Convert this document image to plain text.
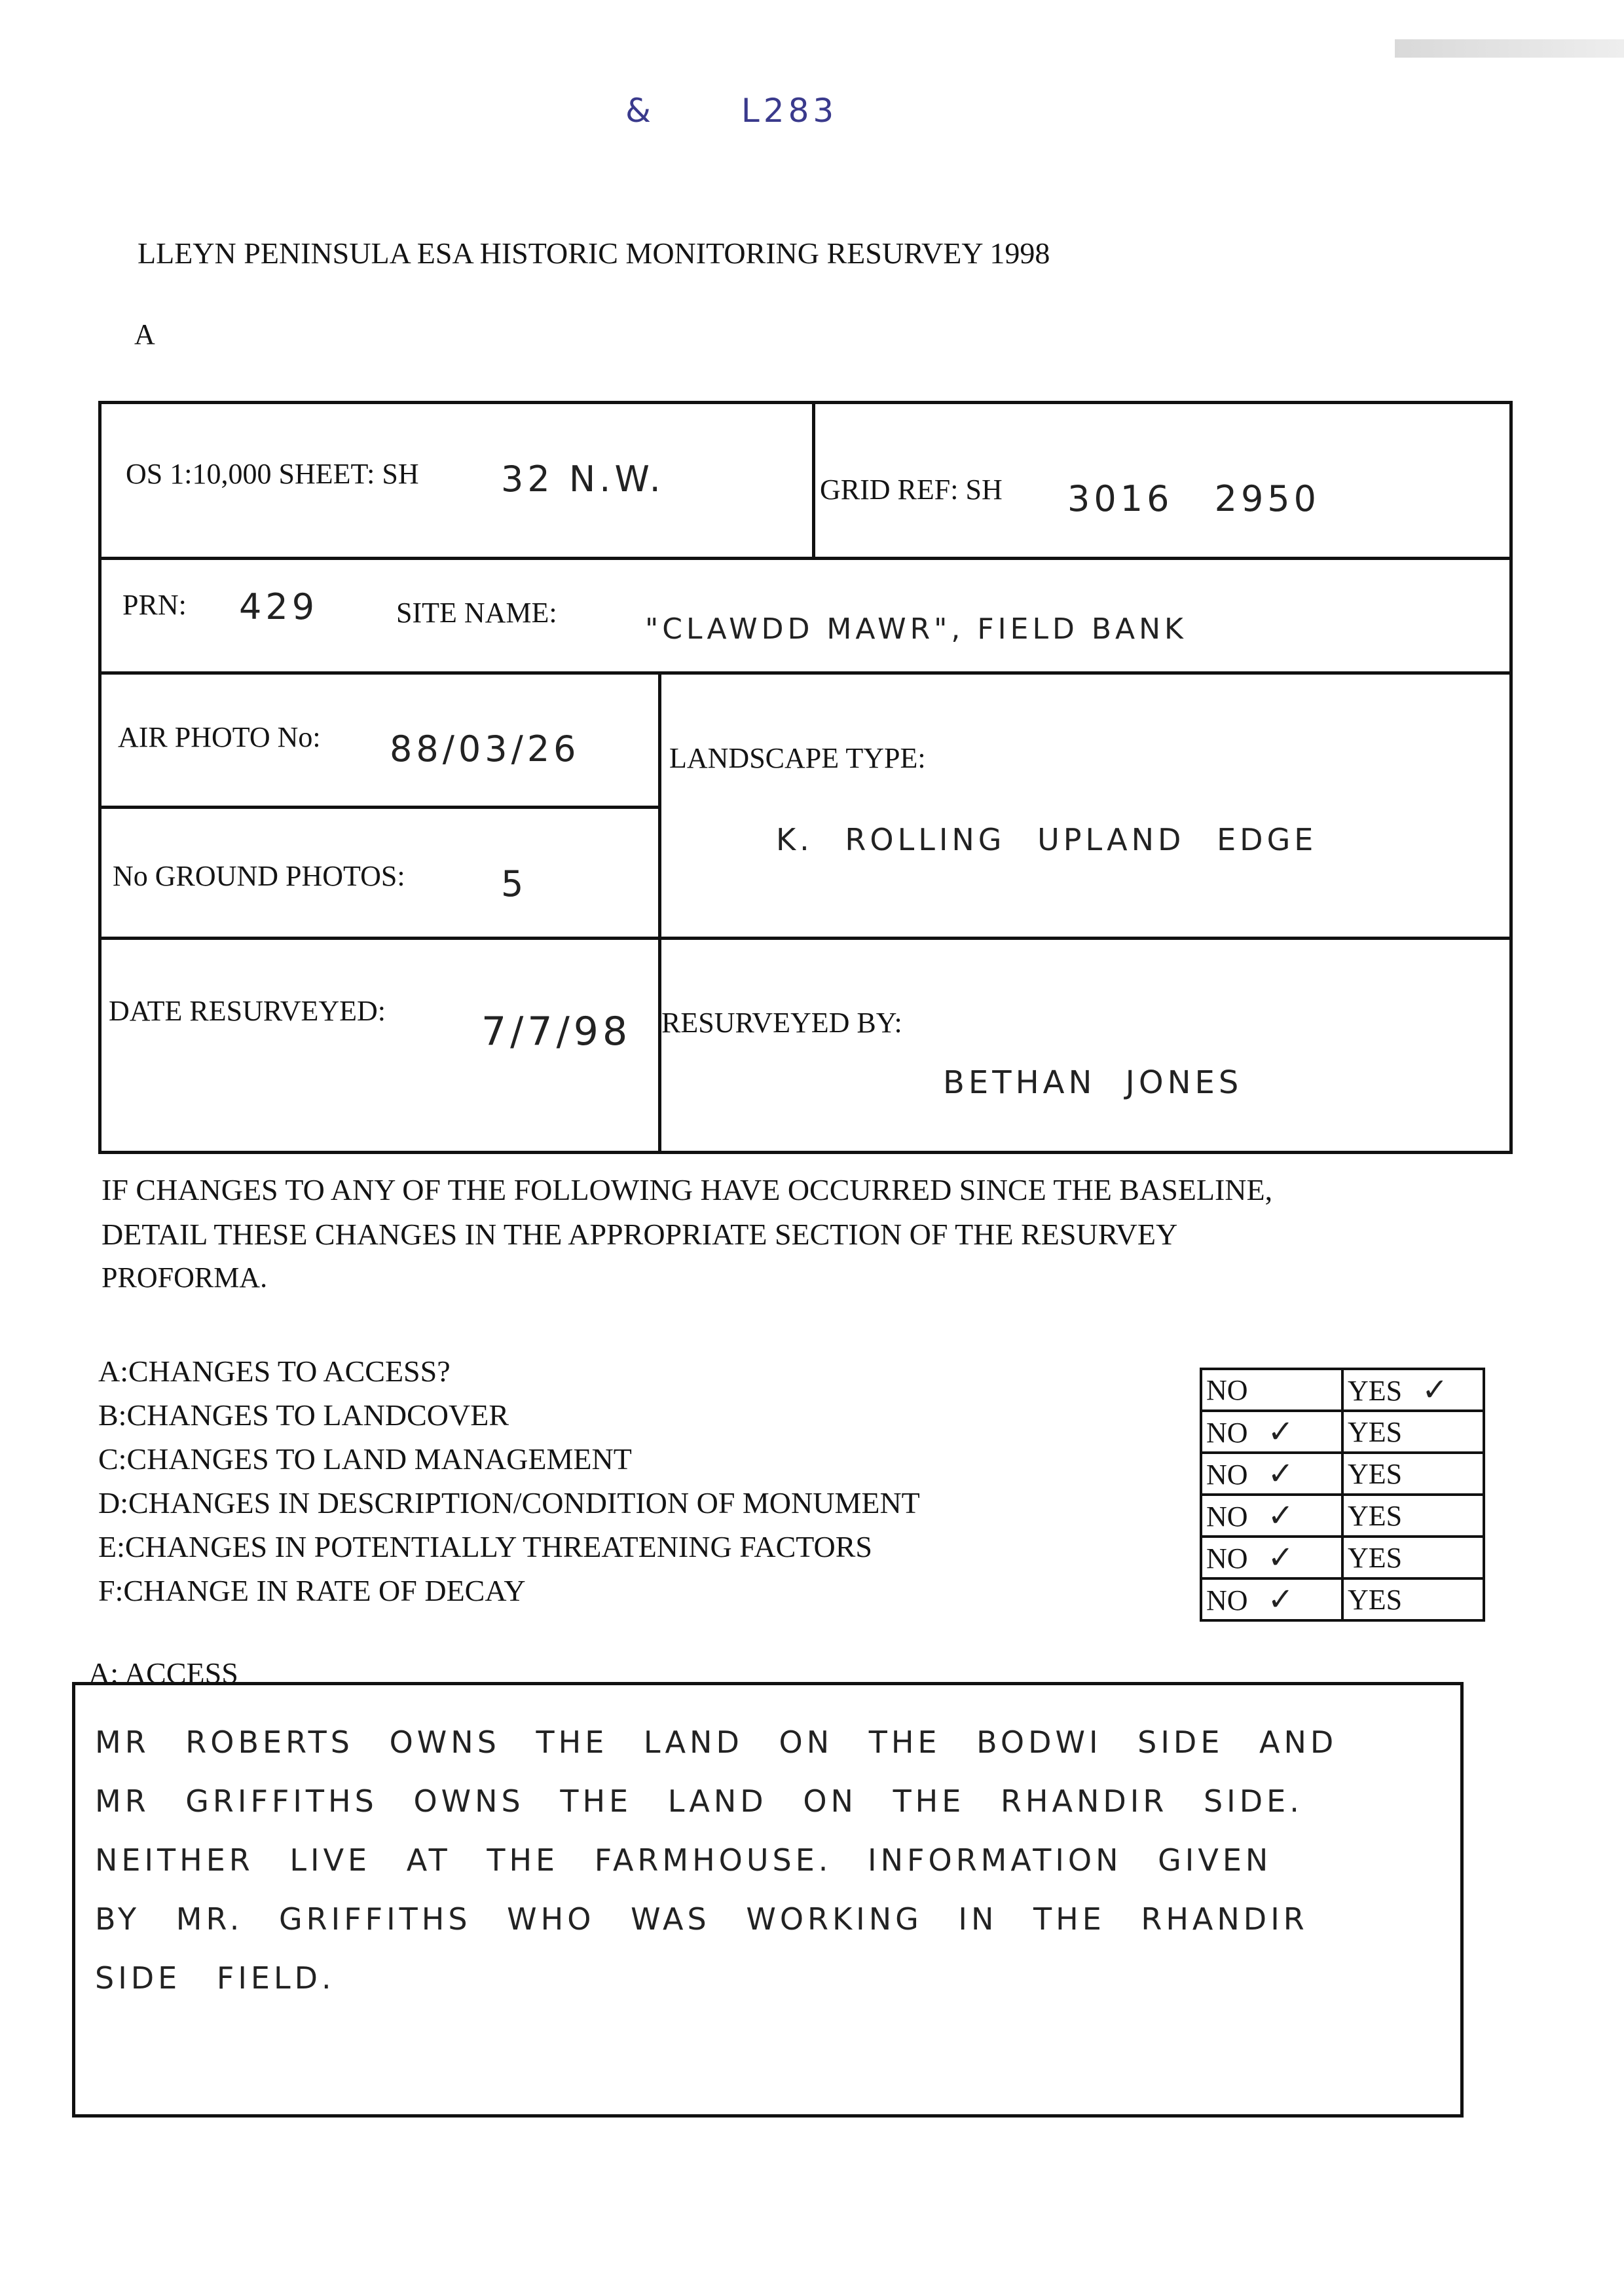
&	L283
LLEYN PENINSULA ESA HISTORIC MONITORING RESURVEY 1998
A
OS 1:10,000 SHEET: SH 32 N.W.	GRID REF: SH 3016 2950
PRN: 429	SITE NAME:	"CLAWDD MAWR", FIELD BANK
AIR PHOTO No: 88/03/26	LANDSCAPE TYPE:
K. ROLLING UPLAND EDGE
No GROUND PHOTOS:	5
DATE RESURVEYED: 7/7/98 RESURVEYED BY:
BETHAN JONES
IF CHANGES TO ANY OF THE FOLLOWING HAVE OCCURRED SINCE THE BASELINE,
DETAIL THESE CHANGES IN THE APPROPRIATE SECTION OF THE RESURVEY
PROFORMA.
A:CHANGES TO ACCESS?
B:CHANGES TO LANDCOVER
C:CHANGES TO LAND MANAGEMENT
D:CHANGES IN DESCRIPTION/CONDITION OF MONUMENT
E:CHANGES IN POTENTIALLY THREATENING FACTORS
F:CHANGE IN RATE OF DECAY
NO	YES ✓
NO ✓	YES
NO ✓	YES
NO ✓	YES
NO ✓	YES
NO ✓	YES
A: ACCESS
MR ROBERTS OWNS THE LAND ON THE BODWI SIDE AND
MR GRIFFITHS OWNS THE LAND ON THE RHANDIR SIDE.
NEITHER LIVE AT THE FARMHOUSE. INFORMATION GIVEN
BY MR. GRIFFITHS WHO WAS WORKING IN THE RHANDIR
SIDE FIELD.
